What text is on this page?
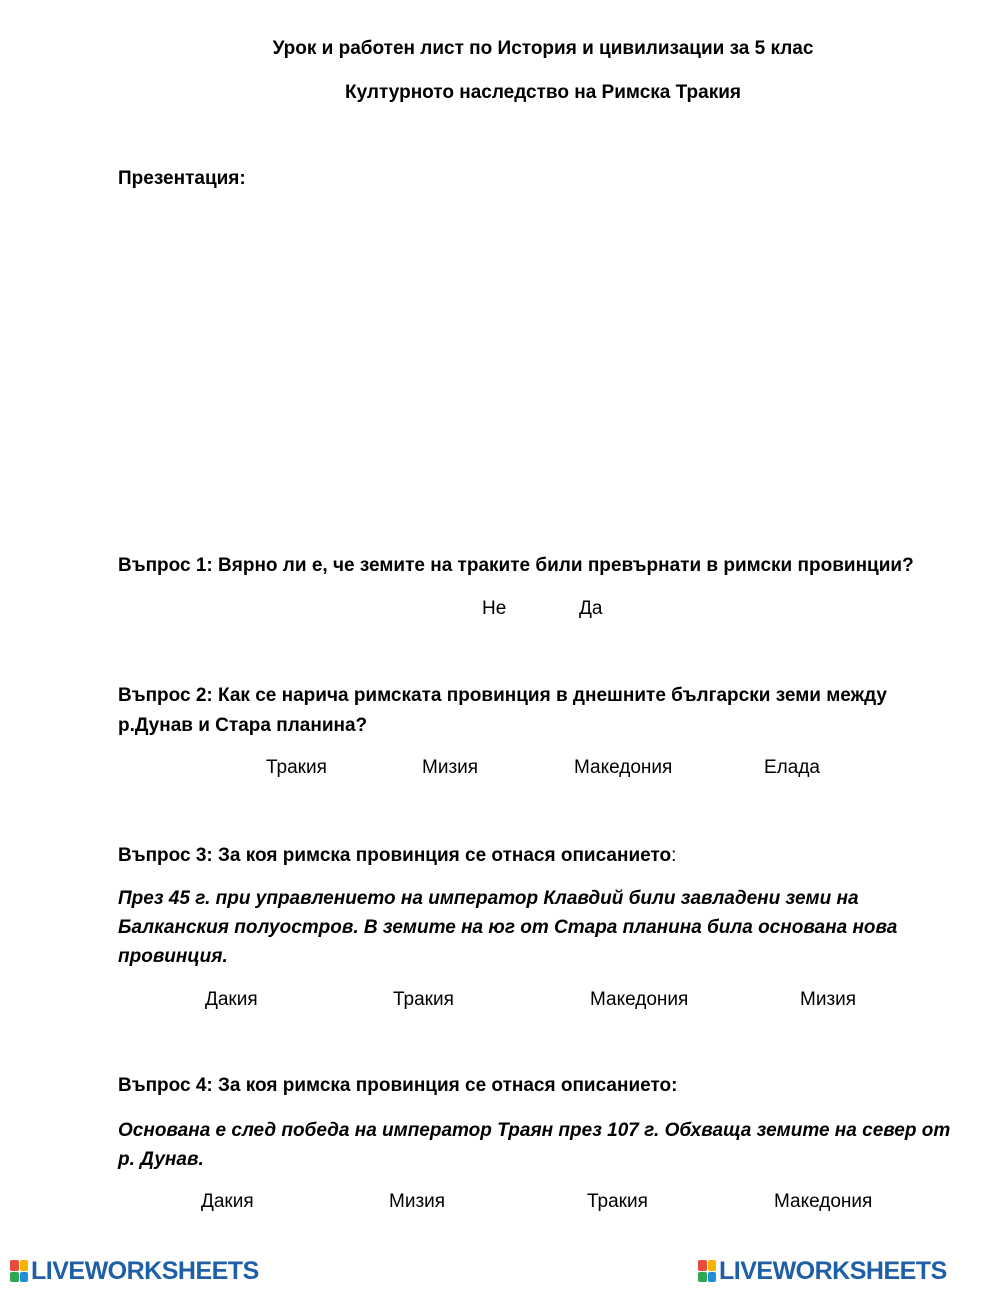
Урок и работен лист по История и цивилизации за 5 клас
Културното наследство на Римска Тракия
Презентация:
Въпрос 1: Вярно ли е, че земите на траките били превърнати в римски провинции?
Не	Да
Въпрос 2: Как се нарича римската провинция в днешните български земи между
р.Дунав и Стара планина?
Тракия	Мизия	Македония	Елада
Въпрос 3: За коя римска провинция се отнася описанието:
През 45 г. при управлението на император Клавдий били завладени земи на Балканския полуостров. В земите на юг от Стара планина била основана нова провинция.
Дакия	Тракия	Македония	Мизия
Въпрос 4: За коя римска провинция се отнася описанието:
Основана е след победа на император Траян през 107 г. Обхваща земите на север от р. Дунав.
Дакия	Мизия	Тракия	Македония
LIVEWORKSHEETS	LIVEWORKSHEETS
